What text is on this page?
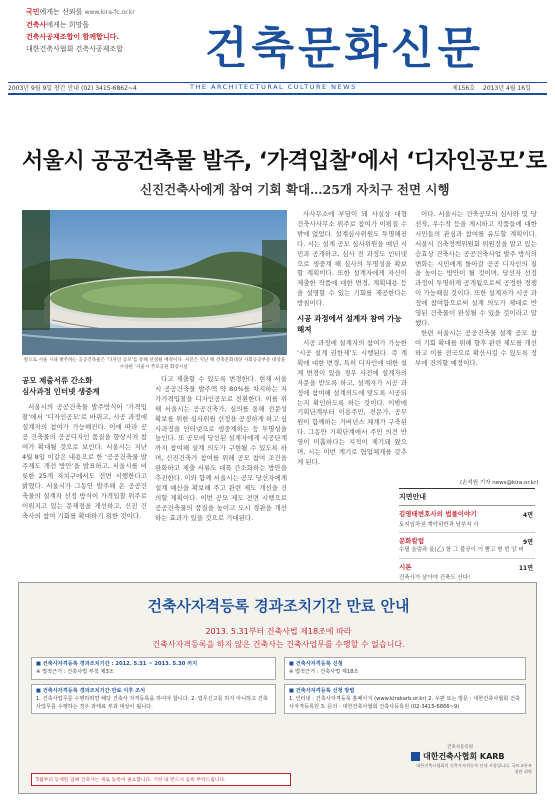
국민에게는 신뢰를 www.kira-fc.or.kr
건축사에게는 희망을
건축사공제조합이 함께합니다.
대한건축사협회 건축사공제조합	건축문화신문
2003년 9월 9일 창간 안내 (02) 3415-6862~4	THE ARCHITECTURAL CULTURE NEWS	제156호 2013년 4월 16일
서울시 공공건축물 발주, ‘가격입찰’에서 ‘디자인공모’로
신진건축사에게 참여 기회 확대…25개 자치구 전면 시행
앞으로 서울 시내 발주하는 공공건축물은 ‘디자인 공모’를 통해 선정될 예정이다. 사진은 지난 해 건축문화대상 사회공공부문 대상을 수상한 ‘서울시 추모공원 화장시설’
공모 제출서류 간소화
심사과정 인터넷 생중계

서울시의 공공건축물 발주방식이 ‘가격입찰’에서 ‘디자인공모’로 바뀌고, 시공 과정에 설계자의 참여가 가능해진다. 이에 따라 공공 건축물의 공공디자인 품질을 향상시켜 참여가 확대될 것으로 보인다. 서울시는 지난 4월 8일 이같은 내용으로 한 ‘공공건축물 발주제도 개선 방안’을 발표하고, 서울시를 비롯한 25개 자치구에서도 전면 시행한다고 밝혔다. 서울시가 그동안 발주해 온 공공건축물의 설계자 선정 방식이 가격입찰 위주로 이뤄지고 있는 문제점을 개선하고, 신진 건축사의 참여 기회를 확대하기 위한 것이다.

다고 제출할 수 있도록 변경한다. 현재 서울시 공공건축물 발주액 약 80%를 차지하는 저가가격입찰을 디자인공모로 전환한다. 이를 위해 서울시는 공공건축가, 심의를 통해 전문성 확보를 위한 심사위원 선정을 공정하게 하고 심사과정을 인터넷으로 생중계하는 등 투명성을 높인다. 또 공모에 당선된 설계자에게 시공단계까지 참여해 설계 의도가 구현될 수 있도록 하며, 신진건축가 참여를 위해 공모 참여 조건을 완화하고 제출 서류도 대폭 간소화하는 방안을 추진한다. 이와 함께 서울시는 공모 당선자에게 설계 예산을 확보해 주고 관련 제도 개선을 건의할 계획이다. 이번 공모 제도 전면 시행으로 공공건축물의 품질을 높이고 도시 경관을 개선하는 효과가 있을 것으로 기대된다.

사사무소에 부담이 돼 사실상 대형 건축사사무소 위주로 참여가 이뤄질 수밖에 없었다. 설계심사위원도 투명해진다. 시는 설계 공모 심사위원을 매년 시민과 공개하고, 심사 전 과정도 인터넷으로 생중계 해 심사의 투명성을 확보할 계획이다. 또한 설계자에게 자신이 제출한 작품에 대한 변경, 계획내용 등을 설명할 수 있는 기회를 제공한다는 방침이다.

시공 과정에서 설계자 참여 가능해져

시공 과정에 설계자의 참여가 가능한 ‘시공 설계 권한제’도 시행된다. 즉 계획에 대한 변경, 특히 디자인에 대한 설계 변경이 있을 경우 사전에 설계자의 자문을 받도록 하고, 설계자가 시공 과정에 참여해 설계의도에 맞도록 시공되는지 확인하도록 하는 것이다. 이밖에 기획단계부터 이용주민, 전문가, 공무원이 함께하는 거버넌스 체계가 구축된다. 그동안 기획단계에서 주민 의견 반영이 미흡하다는 지적이 제기돼 왔으며, 시는 이번 계기로 협업체계를 갖추게 된다.

이다. 서울시는 건축공모의 심사와 및 당선작, 우수작 등을 게시하고 작품들에 대한 시민들의 관심과 참여를 유도할 계획이다. 서울시 건축정책위원회 위원장을 맡고 있는 승효상 건축사는 공공건축사업 발주 방식의 변화는 시민에게 돌아갈 공공 디자인의 질을 높이는 방안이 될 것이며, 당선자 선정 과정이 투명하게 공개됨으로써 공정한 경쟁이 가능해질 것이다. 또한 설계자가 시공 과정에 참여함으로써 설계 의도가 제대로 반영된 건축물이 완성될 수 있을 것이라고 말했다.

한편 서울시는 공공건축물 설계 공모 참여 기회 확대를 위해 향후 관련 제도를 개선하고 이를 전국으로 확산시킬 수 있도록 정부에 건의할 예정이다.

(손석원 기자 news@kira.or.kr)
지면안내
김영태변호사의 법률이야기	4면
토지임차권 계약위반과 남부쳐 사
문화칼럼	9면
수필 울림과 울(乙) 함 그 불공이 이 뿜고 형 번 앙 버
시론	11면
건축사가 살아야 건축도 산다!
건축사자격등록 경과조치기간 만료 안내
2013. 5.31부터 건축사법 제18조에 따라
건축사자격등록을 하지 않은 건축사는 건축사업무를 수행할 수 없습니다.
■ 건축사자격등록 경과조치기간 : 2012. 5.31 ~ 2013. 5.30 까지
※ 법적근거 : 건축사법 부칙 제3조
■ 건축사자격등록 경과조치기간 만료 이후 조치
1. 건축사업무를 수행하려면 해당 건축사 자격등록을 하여야 합니다. 2. 업무신고를 하지 아니하고 건축사업무를 수행하는 경우 과태료 부과 대상이 됩니다.
■ 건축사자격등록 신청
※ 법적근거 : 건축사법 제18조
■ 건축사자격등록 신청 방법
1. 인터넷 : 건축사자격등록 홈페이지 (www.kirakarb.or.kr) 2. 우편 또는 방문 : 대한건축사협회 건축사자격등록원 3. 문의 : 대한건축사협회 건축사등록원 (02-3415-6866~9)
5월부터 등재된 업체 건축사는 새로 등록이 필요합니다. 기한 내 반드시 등록 부탁드립니다.
건축사등록원
대한건축사협회 KARB
대한건축사협회의 건축사자격등록 안내 사항입니다. 국토교통부장관 위탁
